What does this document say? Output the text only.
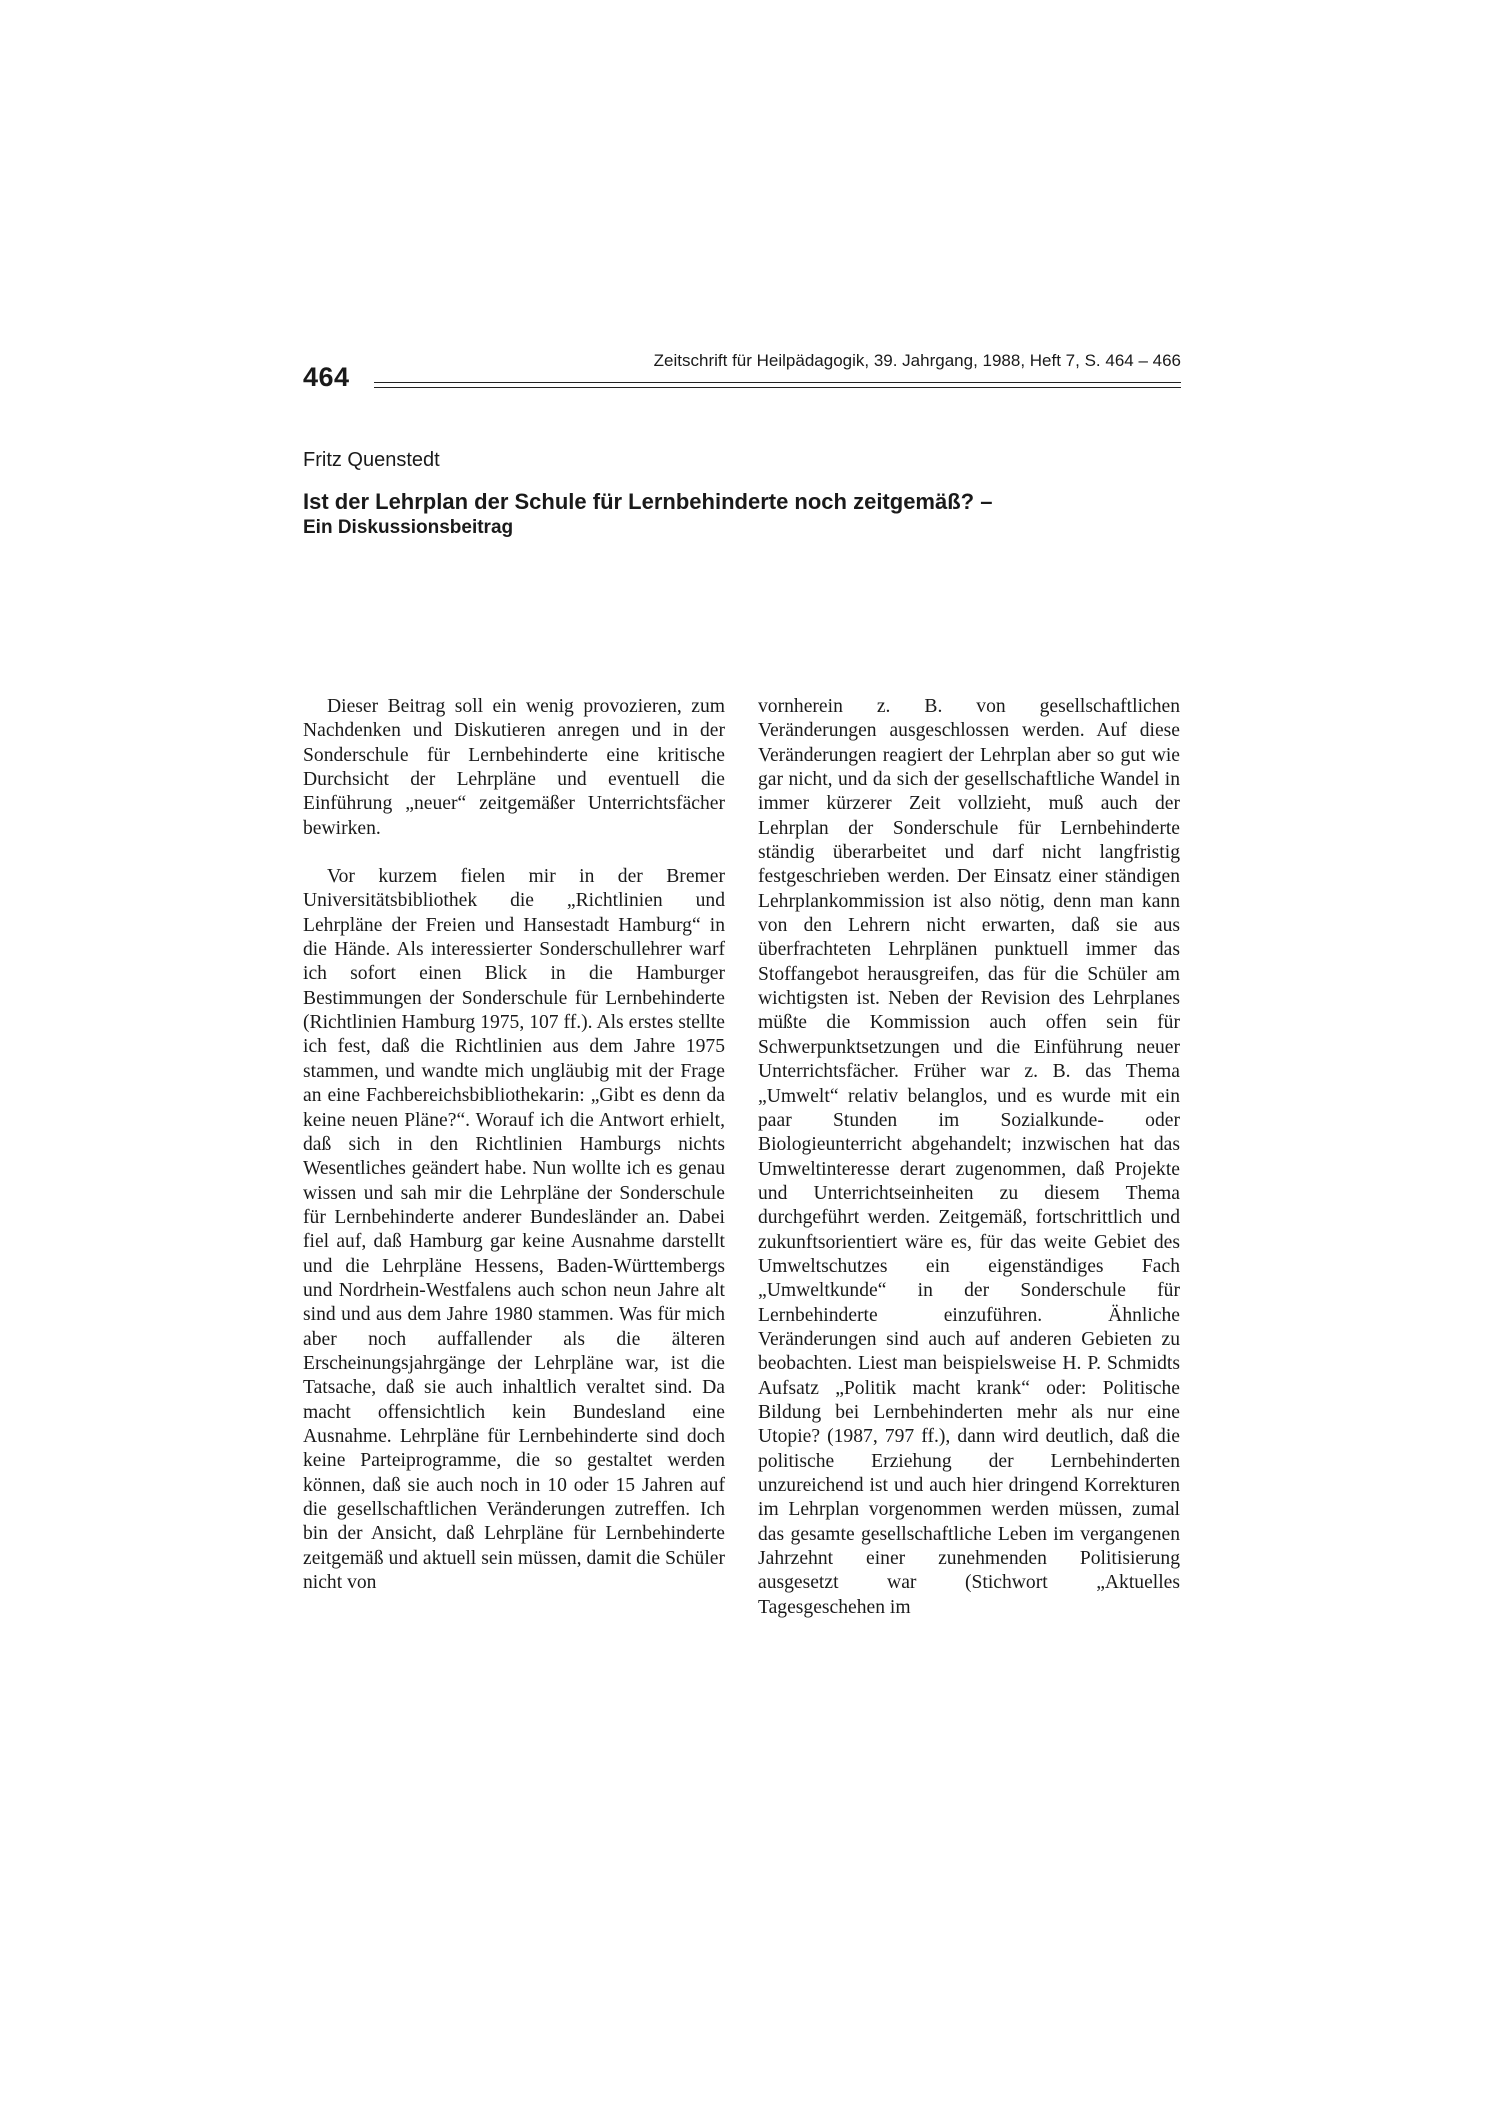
464
Zeitschrift für Heilpädagogik, 39. Jahrgang, 1988, Heft 7, S. 464 – 466
Fritz Quenstedt
Ist der Lehrplan der Schule für Lernbehinderte noch zeitgemäß? –
Ein Diskussionsbeitrag

Dieser Beitrag soll ein wenig provozieren, zum Nachdenken und Diskutieren anregen und in der Sonderschule für Lernbehinderte eine kritische Durchsicht der Lehrpläne und eventuell die Einführung „neuer“ zeitgemäßer Unterrichtsfächer bewirken.

Vor kurzem fielen mir in der Bremer Universitätsbibliothek die „Richtlinien und Lehrpläne der Freien und Hansestadt Hamburg“ in die Hände. Als interessierter Sonderschullehrer warf ich sofort einen Blick in die Hamburger Bestimmungen der Sonderschule für Lernbehinderte (Richtlinien Hamburg 1975, 107 ff.). Als erstes stellte ich fest, daß die Richtlinien aus dem Jahre 1975 stammen, und wandte mich ungläubig mit der Frage an eine Fachbereichsbibliothekarin: „Gibt es denn da keine neuen Pläne?“. Worauf ich die Antwort erhielt, daß sich in den Richtlinien Hamburgs nichts Wesentliches geändert habe. Nun wollte ich es genau wissen und sah mir die Lehrpläne der Sonderschule für Lernbehinderte anderer Bundesländer an. Dabei fiel auf, daß Hamburg gar keine Ausnahme darstellt und die Lehrpläne Hessens, Baden-Württembergs und Nordrhein-Westfalens auch schon neun Jahre alt sind und aus dem Jahre 1980 stammen. Was für mich aber noch auffallender als die älteren Erscheinungsjahrgänge der Lehrpläne war, ist die Tatsache, daß sie auch inhaltlich veraltet sind. Da macht offensichtlich kein Bundesland eine Ausnahme. Lehrpläne für Lernbehinderte sind doch keine Parteiprogramme, die so gestaltet werden können, daß sie auch noch in 10 oder 15 Jahren auf die gesellschaftlichen Veränderungen zutreffen. Ich bin der Ansicht, daß Lehrpläne für Lernbehinderte zeitgemäß und aktuell sein müssen, damit die Schüler nicht von

vornherein z. B. von gesellschaftlichen Veränderungen ausgeschlossen werden. Auf diese Veränderungen reagiert der Lehrplan aber so gut wie gar nicht, und da sich der gesellschaftliche Wandel in immer kürzerer Zeit vollzieht, muß auch der Lehrplan der Sonderschule für Lernbehinderte ständig überarbeitet und darf nicht langfristig festgeschrieben werden. Der Einsatz einer ständigen Lehrplankommission ist also nötig, denn man kann von den Lehrern nicht erwarten, daß sie aus überfrachteten Lehrplänen punktuell immer das Stoffangebot herausgreifen, das für die Schüler am wichtigsten ist. Neben der Revision des Lehrplanes müßte die Kommission auch offen sein für Schwerpunktsetzungen und die Einführung neuer Unterrichtsfächer. Früher war z. B. das Thema „Umwelt“ relativ belanglos, und es wurde mit ein paar Stunden im Sozialkunde- oder Biologieunterricht abgehandelt; inzwischen hat das Umweltinteresse derart zugenommen, daß Projekte und Unterrichtseinheiten zu diesem Thema durchgeführt werden. Zeitgemäß, fortschrittlich und zukunftsorientiert wäre es, für das weite Gebiet des Umweltschutzes ein eigenständiges Fach „Umweltkunde“ in der Sonderschule für Lernbehinderte einzuführen. Ähnliche Veränderungen sind auch auf anderen Gebieten zu beobachten. Liest man beispielsweise H. P. Schmidts Aufsatz „Politik macht krank“ oder: Politische Bildung bei Lernbehinderten mehr als nur eine Utopie? (1987, 797 ff.), dann wird deutlich, daß die politische Erziehung der Lernbehinderten unzureichend ist und auch hier dringend Korrekturen im Lehrplan vorgenommen werden müssen, zumal das gesamte gesellschaftliche Leben im vergangenen Jahrzehnt einer zunehmenden Politisierung ausgesetzt war (Stichwort „Aktuelles Tagesgeschehen im
